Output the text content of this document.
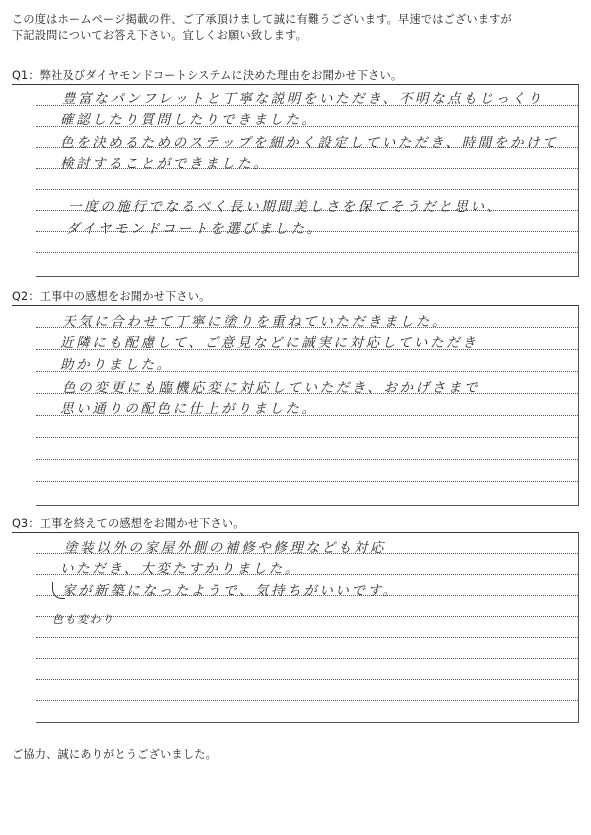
この度はホームページ掲載の件、ご了承頂けまして誠に有難うございます。早速ではございますが

下記設問についてお答え下さい。宜しくお願い致します。

Q1：弊社及びダイヤモンドコートシステムに決めた理由をお聞かせ下さい。
豊富なパンフレットと丁寧な説明をいただき、不明な点もじっくり
確認したり質問したりできました。
色を決めるためのステップを細かく設定していただき、時間をかけて
検討することができました。
一度の施行でなるべく長い期間美しさを保てそうだと思い、
ダイヤモンドコートを選びました。
Q2：工事中の感想をお聞かせ下さい。
天気に合わせて丁寧に塗りを重ねていただきました。
近隣にも配慮して、ご意見などに誠実に対応していただき
助かりました。
色の変更にも臨機応変に対応していただき、おかげさまで
思い通りの配色に仕上がりました。
Q3：工事を終えての感想をお聞かせ下さい。
塗装以外の家屋外側の補修や修理なども対応
いただき、大変たすかりました。
家が新築になったようで、気持ちがいいです。
色も変わり
ご協力、誠にありがとうございました。
